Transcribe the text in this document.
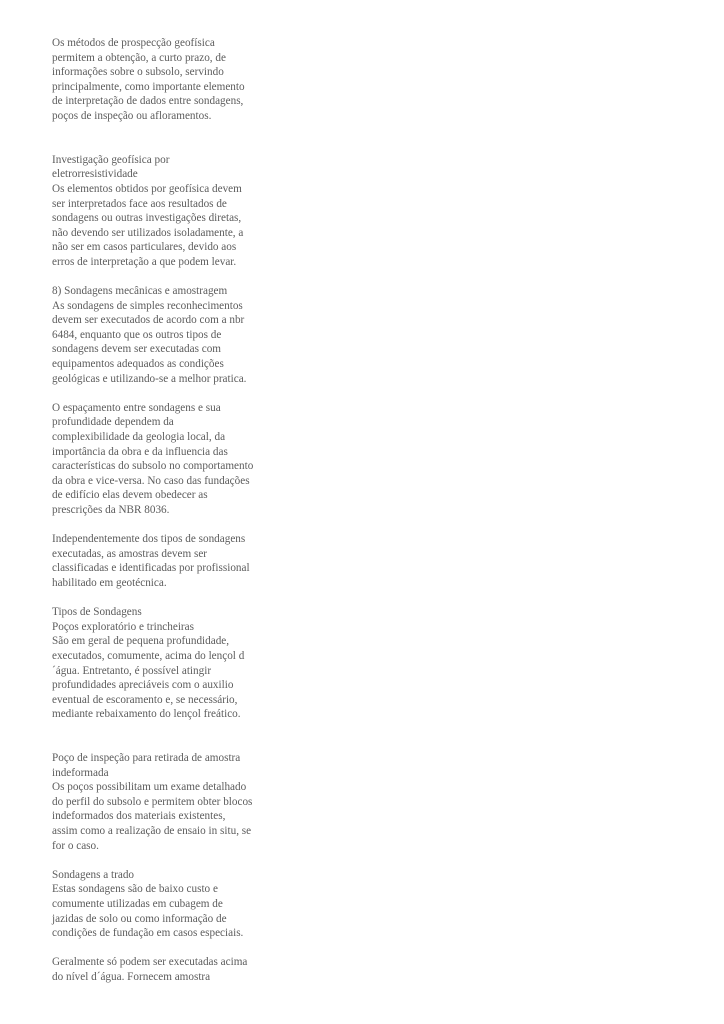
Os métodos de prospecção geofísica
permitem a obtenção, a curto prazo, de
informações sobre o subsolo, servindo
principalmente, como importante elemento
de interpretação de dados entre sondagens,
poços de inspeção ou afloramentos.
Investigação geofísica por
eletrorresistividade
Os elementos obtidos por geofísica devem
ser interpretados face aos resultados de
sondagens ou outras investigações diretas,
não devendo ser utilizados isoladamente, a
não ser em casos particulares, devido aos
erros de interpretação a que podem levar.
8) Sondagens mecânicas e amostragem
As sondagens de simples reconhecimentos
devem ser executados de acordo com a nbr
6484, enquanto que os outros tipos de
sondagens devem ser executadas com
equipamentos adequados as condições
geológicas e utilizando-se a melhor pratica.
O espaçamento entre sondagens e sua
profundidade dependem da
complexibilidade da geologia local, da
importância da obra e da influencia das
características do subsolo no comportamento
da obra e vice-versa. No caso das fundações
de edifício elas devem obedecer as
prescrições da NBR 8036.
Independentemente dos tipos de sondagens
executadas, as amostras devem ser
classificadas e identificadas por profissional
habilitado em geotécnica.
Tipos de Sondagens
Poços exploratório e trincheiras
São em geral de pequena profundidade,
executados, comumente, acima do lençol d
´água. Entretanto, é possível atingir
profundidades apreciáveis com o auxilio
eventual de escoramento e, se necessário,
mediante rebaixamento do lençol freático.
Poço de inspeção para retirada de amostra
indeformada
Os poços possibilitam um exame detalhado
do perfil do subsolo e permitem obter blocos
indeformados dos materiais existentes,
assim como a realização de ensaio in situ, se
for o caso.
Sondagens a trado
Estas sondagens são de baixo custo e
comumente utilizadas em cubagem de
jazidas de solo ou como informação de
condições de fundação em casos especiais.
Geralmente só podem ser executadas acima
do nível d´água. Fornecem amostra
